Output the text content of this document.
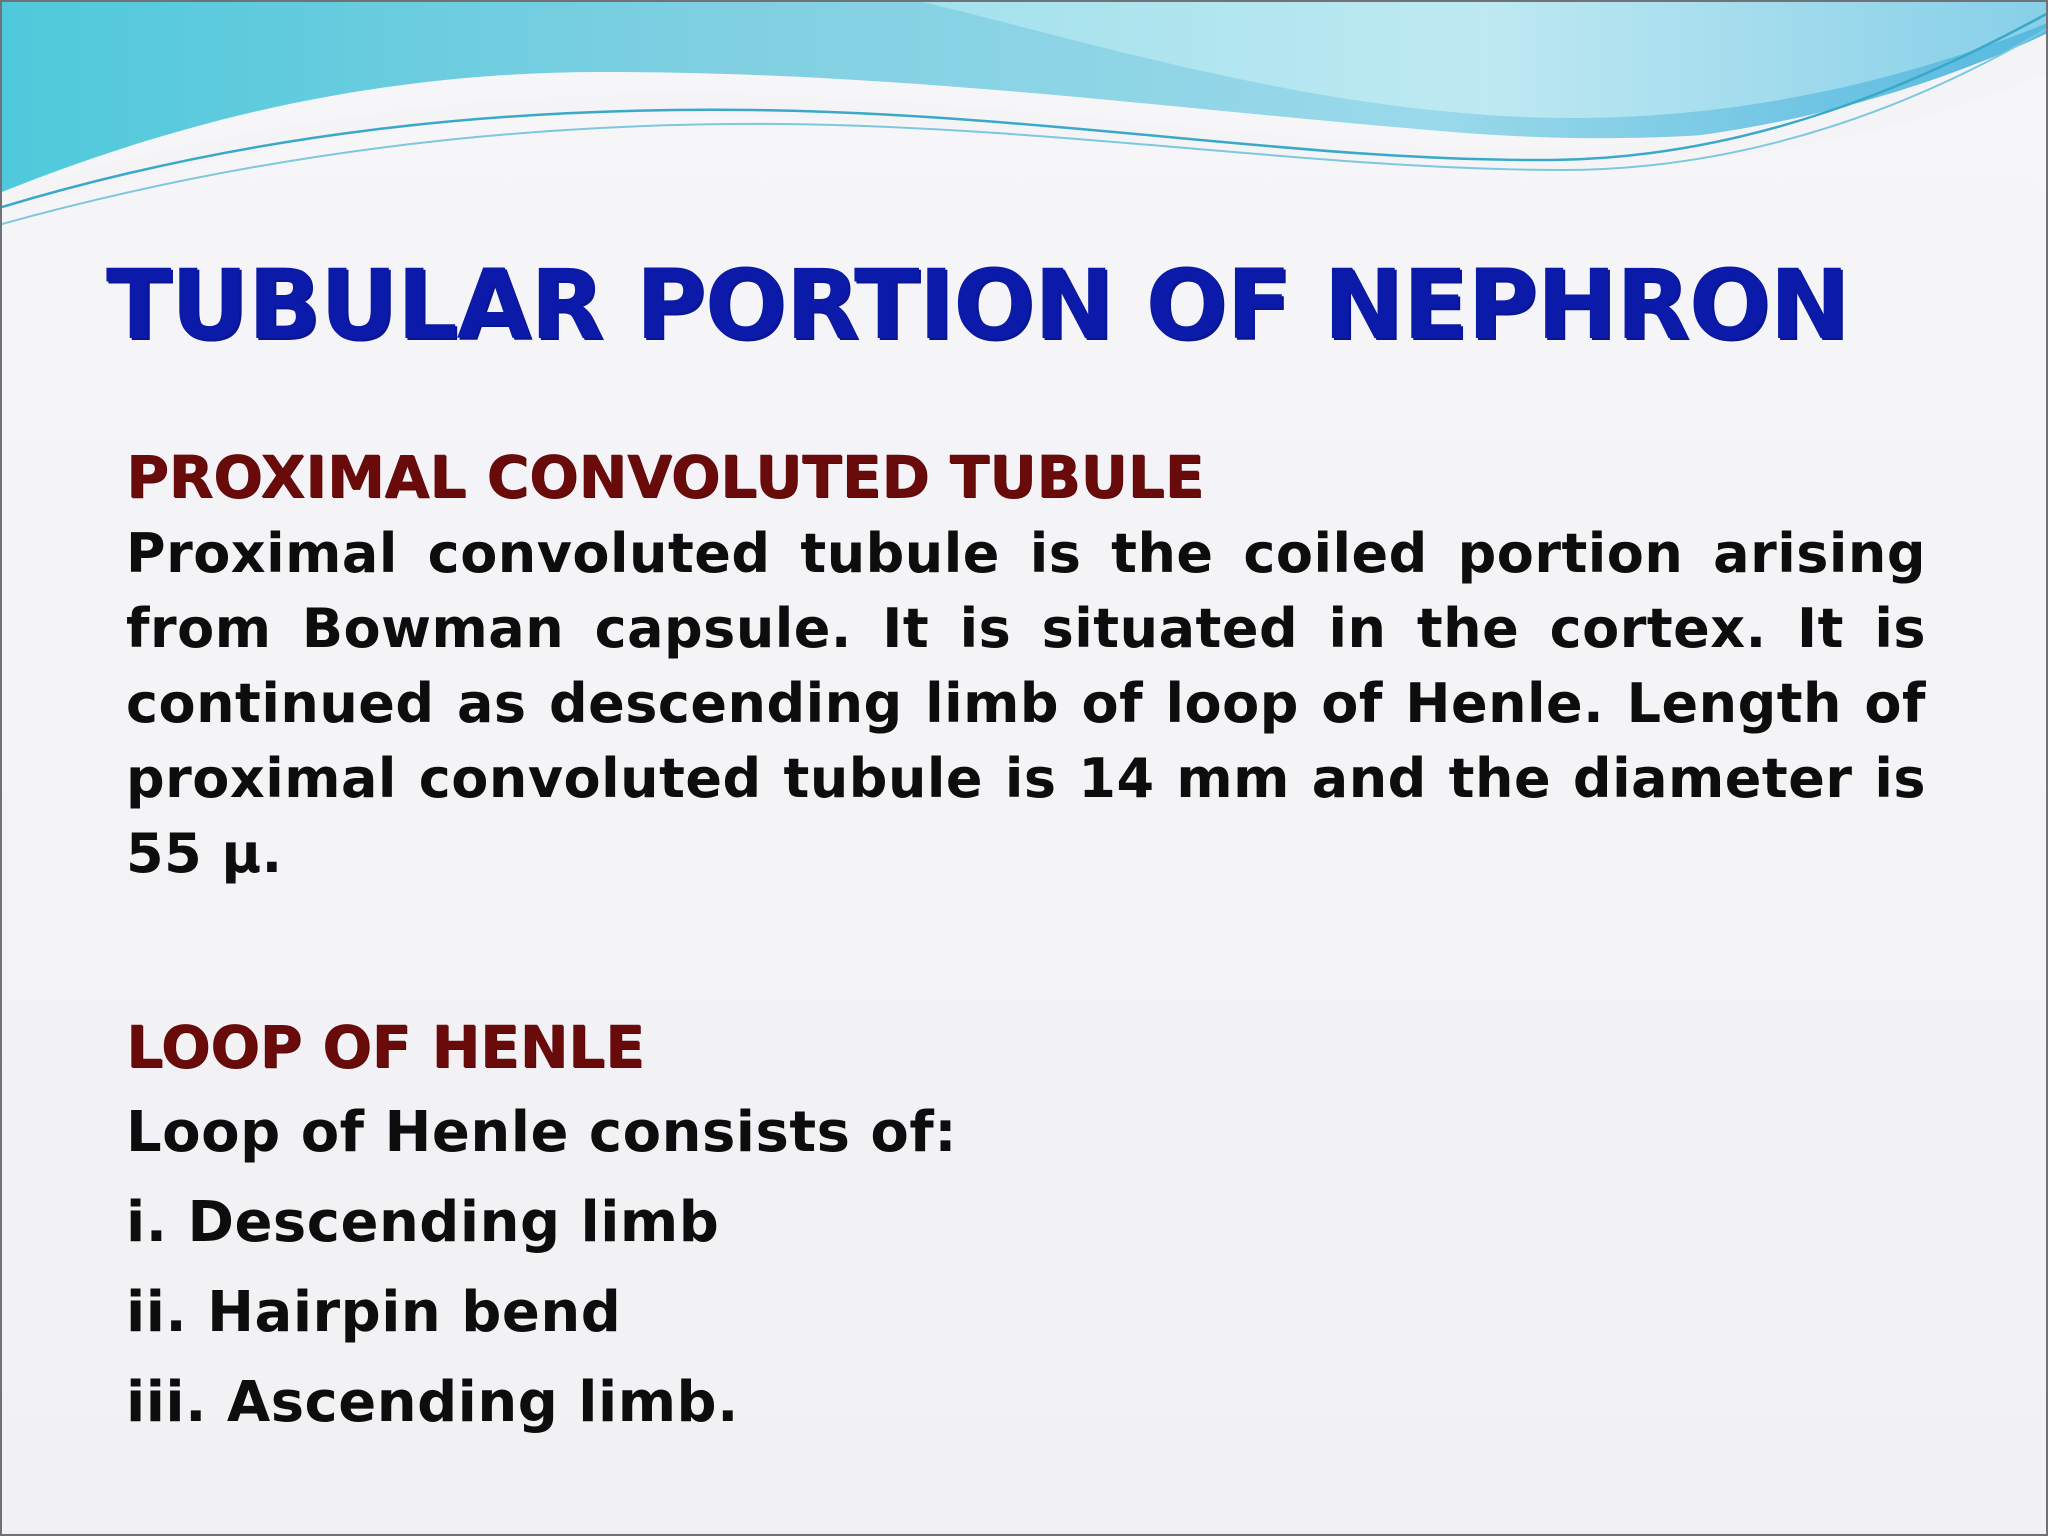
TUBULAR PORTION OF NEPHRON
PROXIMAL CONVOLUTED TUBULE

Proximal convoluted tubule is the coiled portion arising from Bowman capsule. It is situated in the cortex. It is continued as descending limb of loop of Henle. Length of proximal convoluted tubule is 14 mm and the diameter is 55 μ.

LOOP OF HENLE

Loop of Henle consists of:

i. Descending limb
ii. Hairpin bend
iii. Ascending limb.
